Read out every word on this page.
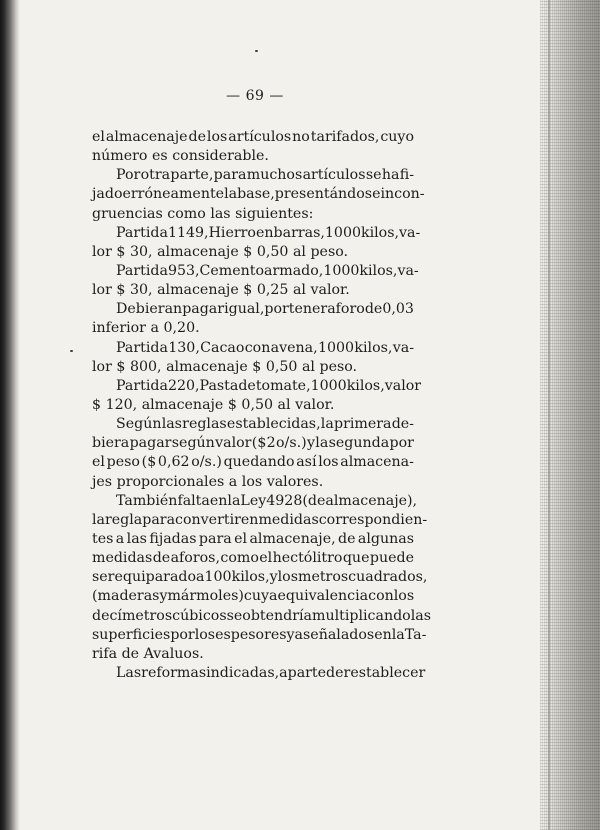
— 69 —
el almacenaje de los artículos no tarifados, cuyo
número es considerable.
Por otra parte, para muchos artículos se ha fi-
jado erróneamente la base, presentándose incon-
gruencias como las siguientes:
Partida 1149, Hierro en barras, 1000 kilos, va-
lor $ 30, almacenaje $ 0,50 al peso.
Partida 953, Cemento armado, 1000 kilos, va-
lor $ 30, almacenaje $ 0,25 al valor.
Debieran pagar igual, por tener aforo de 0,03
inferior a 0,20.
Partida 130, Cacao con avena, 1000 kilos, va-
lor $ 800, almacenaje $ 0,50 al peso.
Partida 220, Pasta de tomate, 1000 kilos, valor
$ 120, almacenaje $ 0,50 al valor.
Según las reglas establecidas, la primera de-
biera pagar según valor ($ 2 o/s.) y la segunda por
el peso ($ 0,62 o/s.) quedando así los almacena-
jes proporcionales a los valores.
También falta en la Ley 4928 (de almacenaje),
la regla para convertir en medidas correspondien-
tes a las fijadas para el almacenaje, de algunas
medidas de aforos, como el hectólitro que puede
ser equiparado a 100 kilos, y los metros cuadrados,
(maderas y mármoles) cuya equivalencia con los
decímetros cúbicos se obtendría multiplicando las
superficies por los espesores ya señalados en la Ta-
rifa de Avaluos.
Las reformas indicadas, aparte de restablecer
